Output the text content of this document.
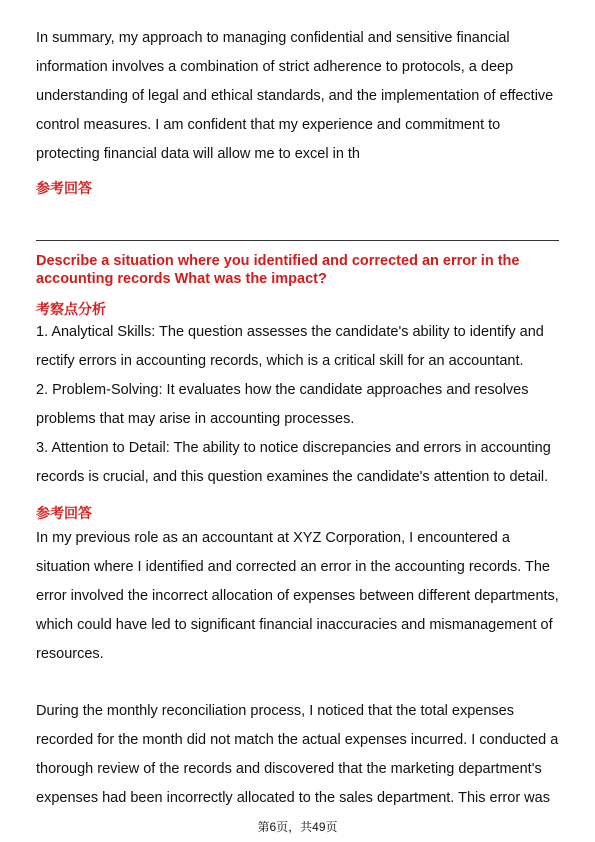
In summary, my approach to managing confidential and sensitive financial
information involves a combination of strict adherence to protocols, a deep
understanding of legal and ethical standards, and the implementation of effective
control measures. I am confident that my experience and commitment to
protecting financial data will allow me to excel in th
参考回答
Describe a situation where you identified and corrected an error in the
accounting records What was the impact?
考察点分析
1. Analytical Skills: The question assesses the candidate's ability to identify and
rectify errors in accounting records, which is a critical skill for an accountant.
2. Problem-Solving: It evaluates how the candidate approaches and resolves
problems that may arise in accounting processes.
3. Attention to Detail: The ability to notice discrepancies and errors in accounting
records is crucial, and this question examines the candidate's attention to detail.
参考回答
In my previous role as an accountant at XYZ Corporation, I encountered a
situation where I identified and corrected an error in the accounting records. The
error involved the incorrect allocation of expenses between different departments,
which could have led to significant financial inaccuracies and mismanagement of
resources.
During the monthly reconciliation process, I noticed that the total expenses
recorded for the month did not match the actual expenses incurred. I conducted a
thorough review of the records and discovered that the marketing department's
expenses had been incorrectly allocated to the sales department. This error was
第6页，共49页
